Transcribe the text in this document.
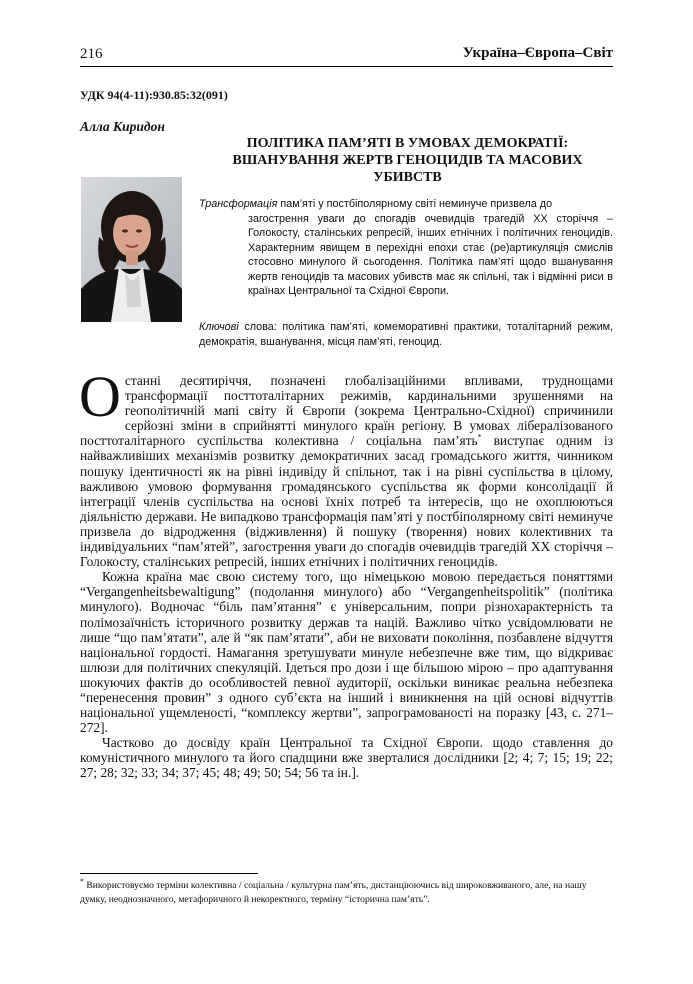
216	Україна–Європа–Світ
УДК 94(4-11):930.85:32(091)
Алла Киридон
ПОЛІТИКА ПАМ’ЯТІ В УМОВАХ ДЕМОКРАТІЇ: ВШАНУВАННЯ ЖЕРТВ ГЕНОЦИДІВ ТА МАСОВИХ УБИВСТВ
Трансформація пам’яті у постбіполярному світі неминуче призвела до
загострення уваги до спогадів очевидців трагедій ХХ сторіччя – Голокосту, сталінських репресій, інших етнічних і політичних геноцидів. Характерним явищем в перехідні епохи стає (ре)артикуляція смислів стосовно минулого й сьогодення. Політика пам’яті щодо вшанування жертв геноцидів та масових убивств має як спільні, так і відмінні риси в країнах Центральної та Східної Європи.
Ключові слова: політика пам’яті, комеморативні практики, тоталітарний режим, демократія, вшанування, місця пам’яті, геноцид.

Останні десятиріччя, позначені глобалізаційними впливами, труднощами трансформації посттоталітарних режимів, кардинальними зрушеннями на геополітичній мапі світу й Європи (зокрема Центрально-Східної) спричинили серйозні зміни в сприйнятті минулого країн регіону. В умовах лібералізованого посттоталітарного суспільства колективна / соціальна пам’ять* виступає одним із найважливіших механізмів розвитку демократичних засад громадського життя, чинником пошуку ідентичності як на рівні індивіду й спільнот, так і на рівні суспільства в цілому, важливою умовою формування громадянського суспільства як форми консолідації й інтеграції членів суспільства на основі їхніх потреб та інтересів, що не охоплюються діяльністю держави. Не випадково трансформація пам’яті у постбіполярному світі неминуче призвела до відродження (відживлення) й пошуку (творення) нових колективних та індивідуальних “пам’ятей”, загострення уваги до спогадів очевидців трагедій ХХ сторіччя – Голокосту, сталінських репресій, інших етнічних і політичних геноцидів.

Кожна країна має свою систему того, що німецькою мовою передається поняттями “Vergangenheitsbewaltigung” (подолання минулого) або “Vergangenheitspolitik” (політика минулого). Водночас “біль пам’ятання” є універсальним, попри різнохарактерність та полімозаїчність історичного розвитку держав та націй. Важливо чітко усвідомлювати не лише “що пам’ятати”, але й “як пам’ятати”, аби не виховати покоління, позбавлене відчуття національної гордості. Намагання зретушувати минуле небезпечне вже тим, що відкриває шлюзи для політичних спекуляцій. Ідеться про дози і ще більшою мірою – про адаптування шокуючих фактів до особливостей певної аудиторії, оскільки виникає реальна небезпека “перенесення провин” з одного суб’єкта на інший і виникнення на цій основі відчуттів національної ущемленості, “комплексу жертви”, запрограмованості на поразку [43, с. 271–272].

Частково до досвіду країн Центральної та Східної Європи. щодо ставлення до комуністичного минулого та його спадщини вже зверталися дослідники [2; 4; 7; 15; 19; 22; 27; 28; 32; 33; 34; 37; 45; 48; 49; 50; 54; 56 та ін.].

* Використовуємо терміни колективна / соціальна / культурна пам’ять, дистанціюючись від широковживаного, але, на нашу думку, неоднозначного, метафоричного й некоректного, терміну “історична пам’ять”.
